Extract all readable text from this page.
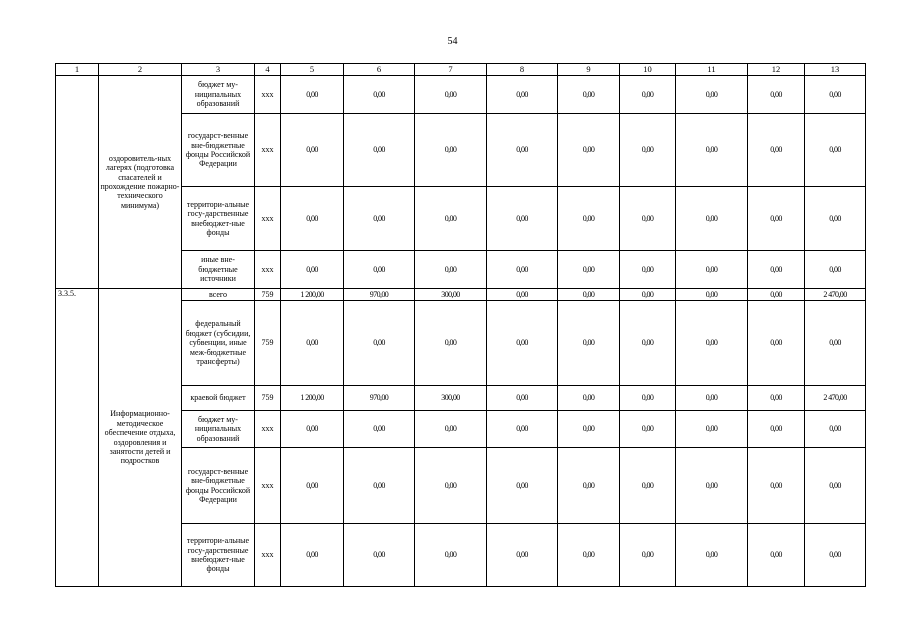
54
1	2	3	4	5	6	7	8	9	10	11	12	13
	оздоровитель-ных лагерях (подготовка спасателей и прохождение пожарно-технического минимума)	бюджет му-ниципальных образований	ххх	0,00	0,00	0,00	0,00	0,00	0,00	0,00	0,00	0,00
		государст-венные вне-бюджетные фонды Российской Федерации	ххх	0,00	0,00	0,00	0,00	0,00	0,00	0,00	0,00	0,00
		территори-альные госу-дарственные внебюджет-ные фонды	ххх	0,00	0,00	0,00	0,00	0,00	0,00	0,00	0,00	0,00
		иные вне-бюджетные источники	ххх	0,00	0,00	0,00	0,00	0,00	0,00	0,00	0,00	0,00
3.3.5.	Информационно-методическое обеспечение отдыха, оздоровления и занятости детей и подростков	всего	759	1 200,00	970,00	300,00	0,00	0,00	0,00	0,00	0,00	2 470,00
		федеральный бюджет (субсидии, субвенции, иные меж-бюджетные трансферты)	759	0,00	0,00	0,00	0,00	0,00	0,00	0,00	0,00	0,00
		краевой бюджет	759	1 200,00	970,00	300,00	0,00	0,00	0,00	0,00	0,00	2 470,00
		бюджет му-ниципальных образований	ххх	0,00	0,00	0,00	0,00	0,00	0,00	0,00	0,00	0,00
		государст-венные вне-бюджетные фонды Российской Федерации	ххх	0,00	0,00	0,00	0,00	0,00	0,00	0,00	0,00	0,00
		территори-альные госу-дарственные внебюджет-ные фонды	ххх	0,00	0,00	0,00	0,00	0,00	0,00	0,00	0,00	0,00
